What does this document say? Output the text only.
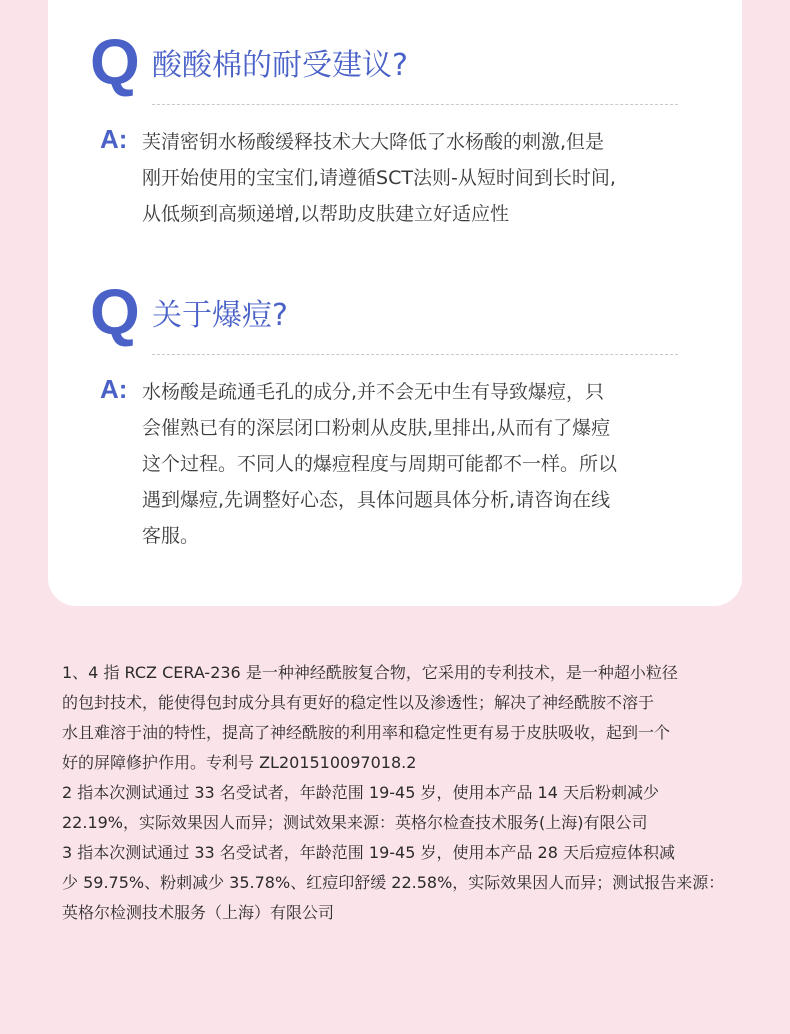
Q 酸酸棉的耐受建议?
A: 芙清密钥水杨酸缓释技术大大降低了水杨酸的刺激,但是
刚开始使用的宝宝们,请遵循SCT法则-从短时间到长时间,
从低频到高频递增,以帮助皮肤建立好适应性
Q 关于爆痘?
A: 水杨酸是疏通毛孔的成分,并不会无中生有导致爆痘，只
会催熟已有的深层闭口粉刺从皮肤,里排出,从而有了爆痘
这个过程。不同人的爆痘程度与周期可能都不一样。所以
遇到爆痘,先调整好心态，具体问题具体分析,请咨询在线
客服。
1、4 指 RCZ CERA-236 是一种神经酰胺复合物，它采用的专利技术，是一种超小粒径
的包封技术，能使得包封成分具有更好的稳定性以及渗透性；解决了神经酰胺不溶于
水且难溶于油的特性，提高了神经酰胺的利用率和稳定性更有易于皮肤吸收，起到一个
好的屏障修护作用。专利号 ZL201510097018.2
2 指本次测试通过 33 名受试者，年龄范围 19-45 岁，使用本产品 14 天后粉刺减少
22.19%，实际效果因人而异；测试效果来源：英格尔检查技术服务(上海)有限公司
3 指本次测试通过 33 名受试者，年龄范围 19-45 岁，使用本产品 28 天后痘痘体积减
少 59.75%、粉刺减少 35.78%、红痘印舒缓 22.58%，实际效果因人而异；测试报告来源：
英格尔检测技术服务（上海）有限公司
